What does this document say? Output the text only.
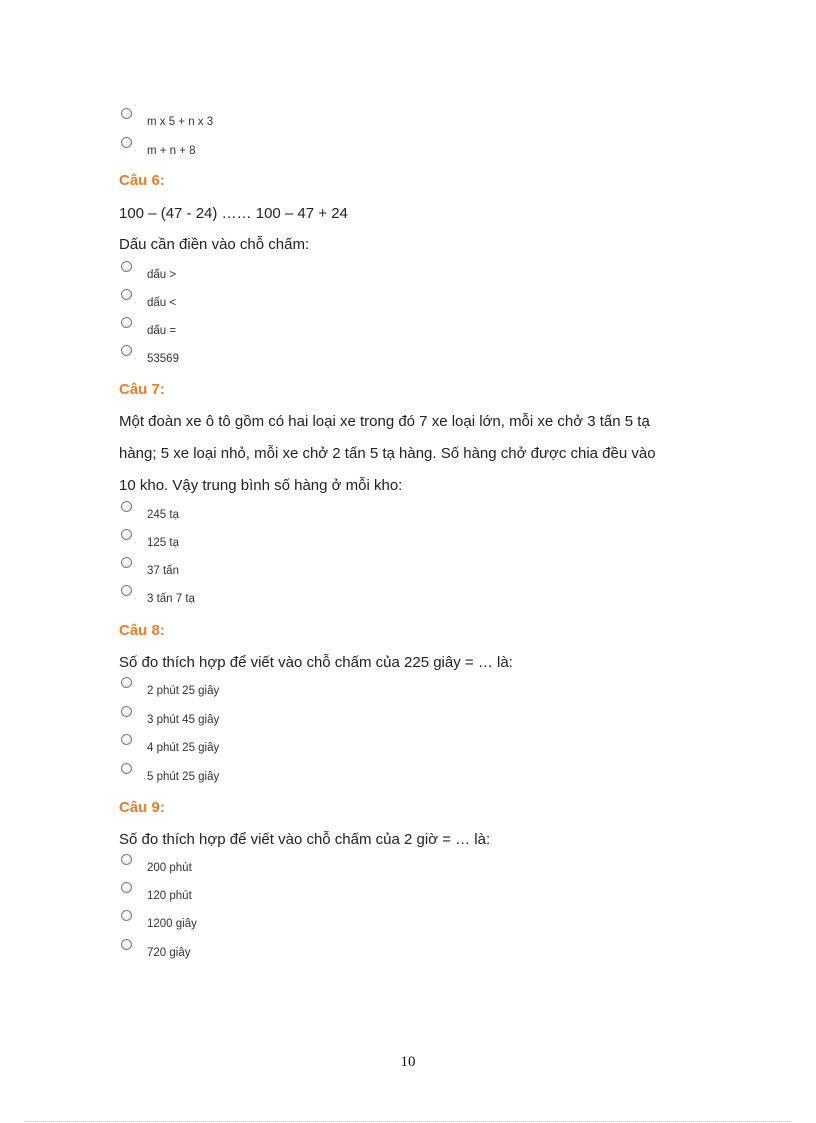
m x 5 + n x 3
m + n + 8
Câu 6:
100 – (47 - 24) …… 100 – 47 + 24
Dấu cần điền vào chỗ chấm:
dấu >
dấu <
dấu =
53569
Câu 7:
Một đoàn xe ô tô gồm có hai loại xe trong đó 7 xe loại lớn, mỗi xe chở 3 tấn 5 tạ
hàng; 5 xe loại nhỏ, mỗi xe chở 2 tấn 5 tạ hàng. Số hàng chở được chia đều vào
10 kho. Vậy trung bình số hàng ở mỗi kho:
245 tạ
125 tạ
37 tấn
3 tấn 7 tạ
Câu 8:
Số đo thích hợp để viết vào chỗ chấm của 225 giây = … là:
2 phút 25 giây
3 phút 45 giây
4 phút 25 giây
5 phút 25 giây
Câu 9:
Số đo thích hợp để viết vào chỗ chấm của 2 giờ = … là:
200 phút
120 phút
1200 giây
720 giây
10
